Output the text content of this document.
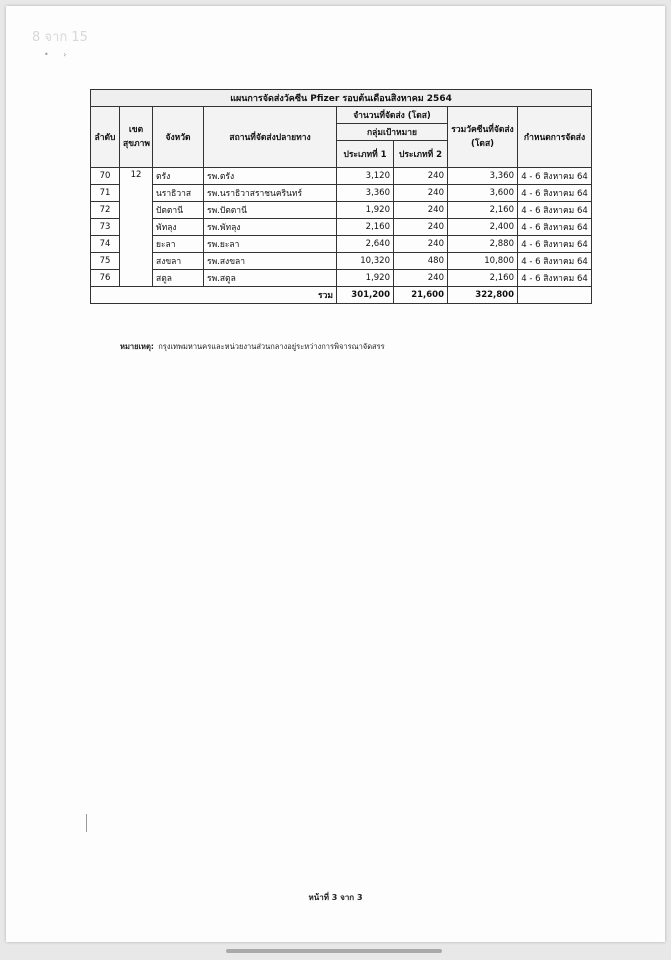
8 จาก 15
• ›
แผนการจัดส่งวัคซีน Pfizer รอบต้นเดือนสิงหาคม 2564							
ลำดับ	เขตสุขภาพ	จังหวัด	สถานที่จัดส่งปลายทาง	จำนวนที่จัดส่ง (โดส)		รวมวัคซีนที่จัดส่ง (โดส)	กำหนดการจัดส่ง
				กลุ่มเป้าหมาย			
				ประเภทที่ 1	ประเภทที่ 2		
70	12	ตรัง	รพ.ตรัง	3,120	240	3,360	4 - 6 สิงหาคม 64
71		นราธิวาส	รพ.นราธิวาสราชนครินทร์	3,360	240	3,600	4 - 6 สิงหาคม 64
72		ปัตตานี	รพ.ปัตตานี	1,920	240	2,160	4 - 6 สิงหาคม 64
73		พัทลุง	รพ.พัทลุง	2,160	240	2,400	4 - 6 สิงหาคม 64
74		ยะลา	รพ.ยะลา	2,640	240	2,880	4 - 6 สิงหาคม 64
75		สงขลา	รพ.สงขลา	10,320	480	10,800	4 - 6 สิงหาคม 64
76		สตูล	รพ.สตูล	1,920	240	2,160	4 - 6 สิงหาคม 64
รวม				301,200	21,600	322,800	
หมายเหตุ: กรุงเทพมหานครและหน่วยงานส่วนกลางอยู่ระหว่างการพิจารณาจัดสรร
หน้าที่ 3 จาก 3
